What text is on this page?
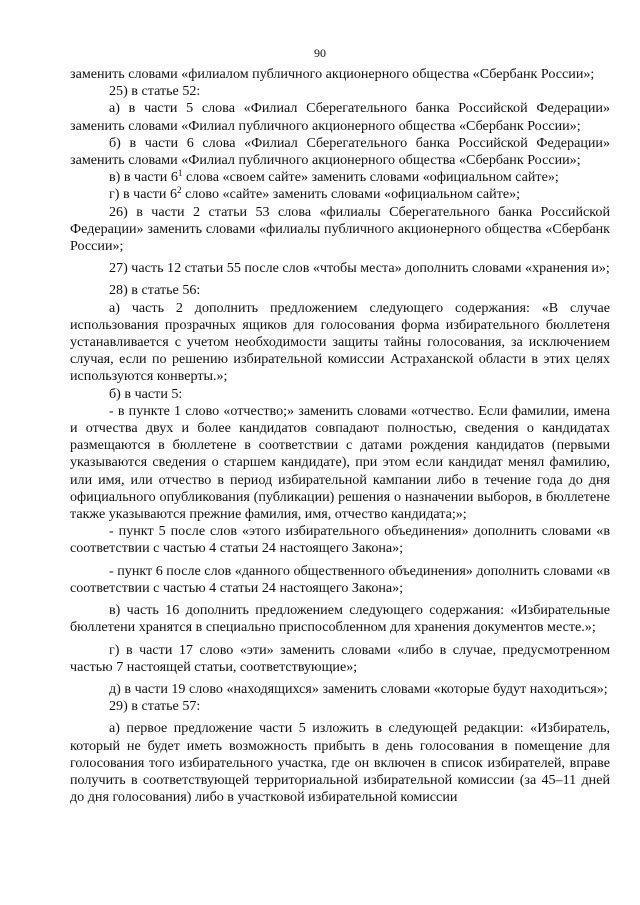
90

заменить словами «филиалом публичного акционерного общества «Сбербанк России»;

25) в статье 52:

а) в части 5 слова «Филиал Сберегательного банка Российской Федерации» заменить словами «Филиал публичного акционерного общества «Сбербанк России»;

б) в части 6 слова «Филиал Сберегательного банка Российской Федерации» заменить словами «Филиал публичного акционерного общества «Сбербанк России»;

в) в части $6^1$ слова «своем сайте» заменить словами «официальном сайте»;

г) в части $6^2$ слово «сайте» заменить словами «официальном сайте»;

26) в части 2 статьи 53 слова «филиалы Сберегательного банка Российской Федерации» заменить словами «филиалы публичного акционерного общества «Сбербанк России»;

27) часть 12 статьи 55 после слов «чтобы места» дополнить словами «хранения и»;

28) в статье 56:

а) часть 2 дополнить предложением следующего содержания: «В случае использования прозрачных ящиков для голосования форма избирательного бюллетеня устанавливается с учетом необходимости защиты тайны голосования, за исключением случая, если по решению избирательной комиссии Астраханской области в этих целях используются конверты.»;

б) в части 5:

- в пункте 1 слово «отчество;» заменить словами «отчество. Если фамилии, имена и отчества двух и более кандидатов совпадают полностью, сведения о кандидатах размещаются в бюллетене в соответствии с датами рождения кандидатов (первыми указываются сведения о старшем кандидате), при этом если кандидат менял фамилию, или имя, или отчество в период избирательной кампании либо в течение года до дня официального опубликования (публикации) решения о назначении выборов, в бюллетене также указываются прежние фамилия, имя, отчество кандидата;»;

- пункт 5 после слов «этого избирательного объединения» дополнить словами «в соответствии с частью 4 статьи 24 настоящего Закона»;

- пункт 6 после слов «данного общественного объединения» дополнить словами «в соответствии с частью 4 статьи 24 настоящего Закона»;

в) часть 16 дополнить предложением следующего содержания: «Избирательные бюллетени хранятся в специально приспособленном для хранения документов месте.»;

г) в части 17 слово «эти» заменить словами «либо в случае, предусмотренном частью 7 настоящей статьи, соответствующие»;

д) в части 19 слово «находящихся» заменить словами «которые будут находиться»;

29) в статье 57:

а) первое предложение части 5 изложить в следующей редакции: «Избиратель, который не будет иметь возможность прибыть в день голосования в помещение для голосования того избирательного участка, где он включен в список избирателей, вправе получить в соответствующей территориальной избирательной комиссии (за 45–11 дней до дня голосования) либо в участковой избирательной комиссии
